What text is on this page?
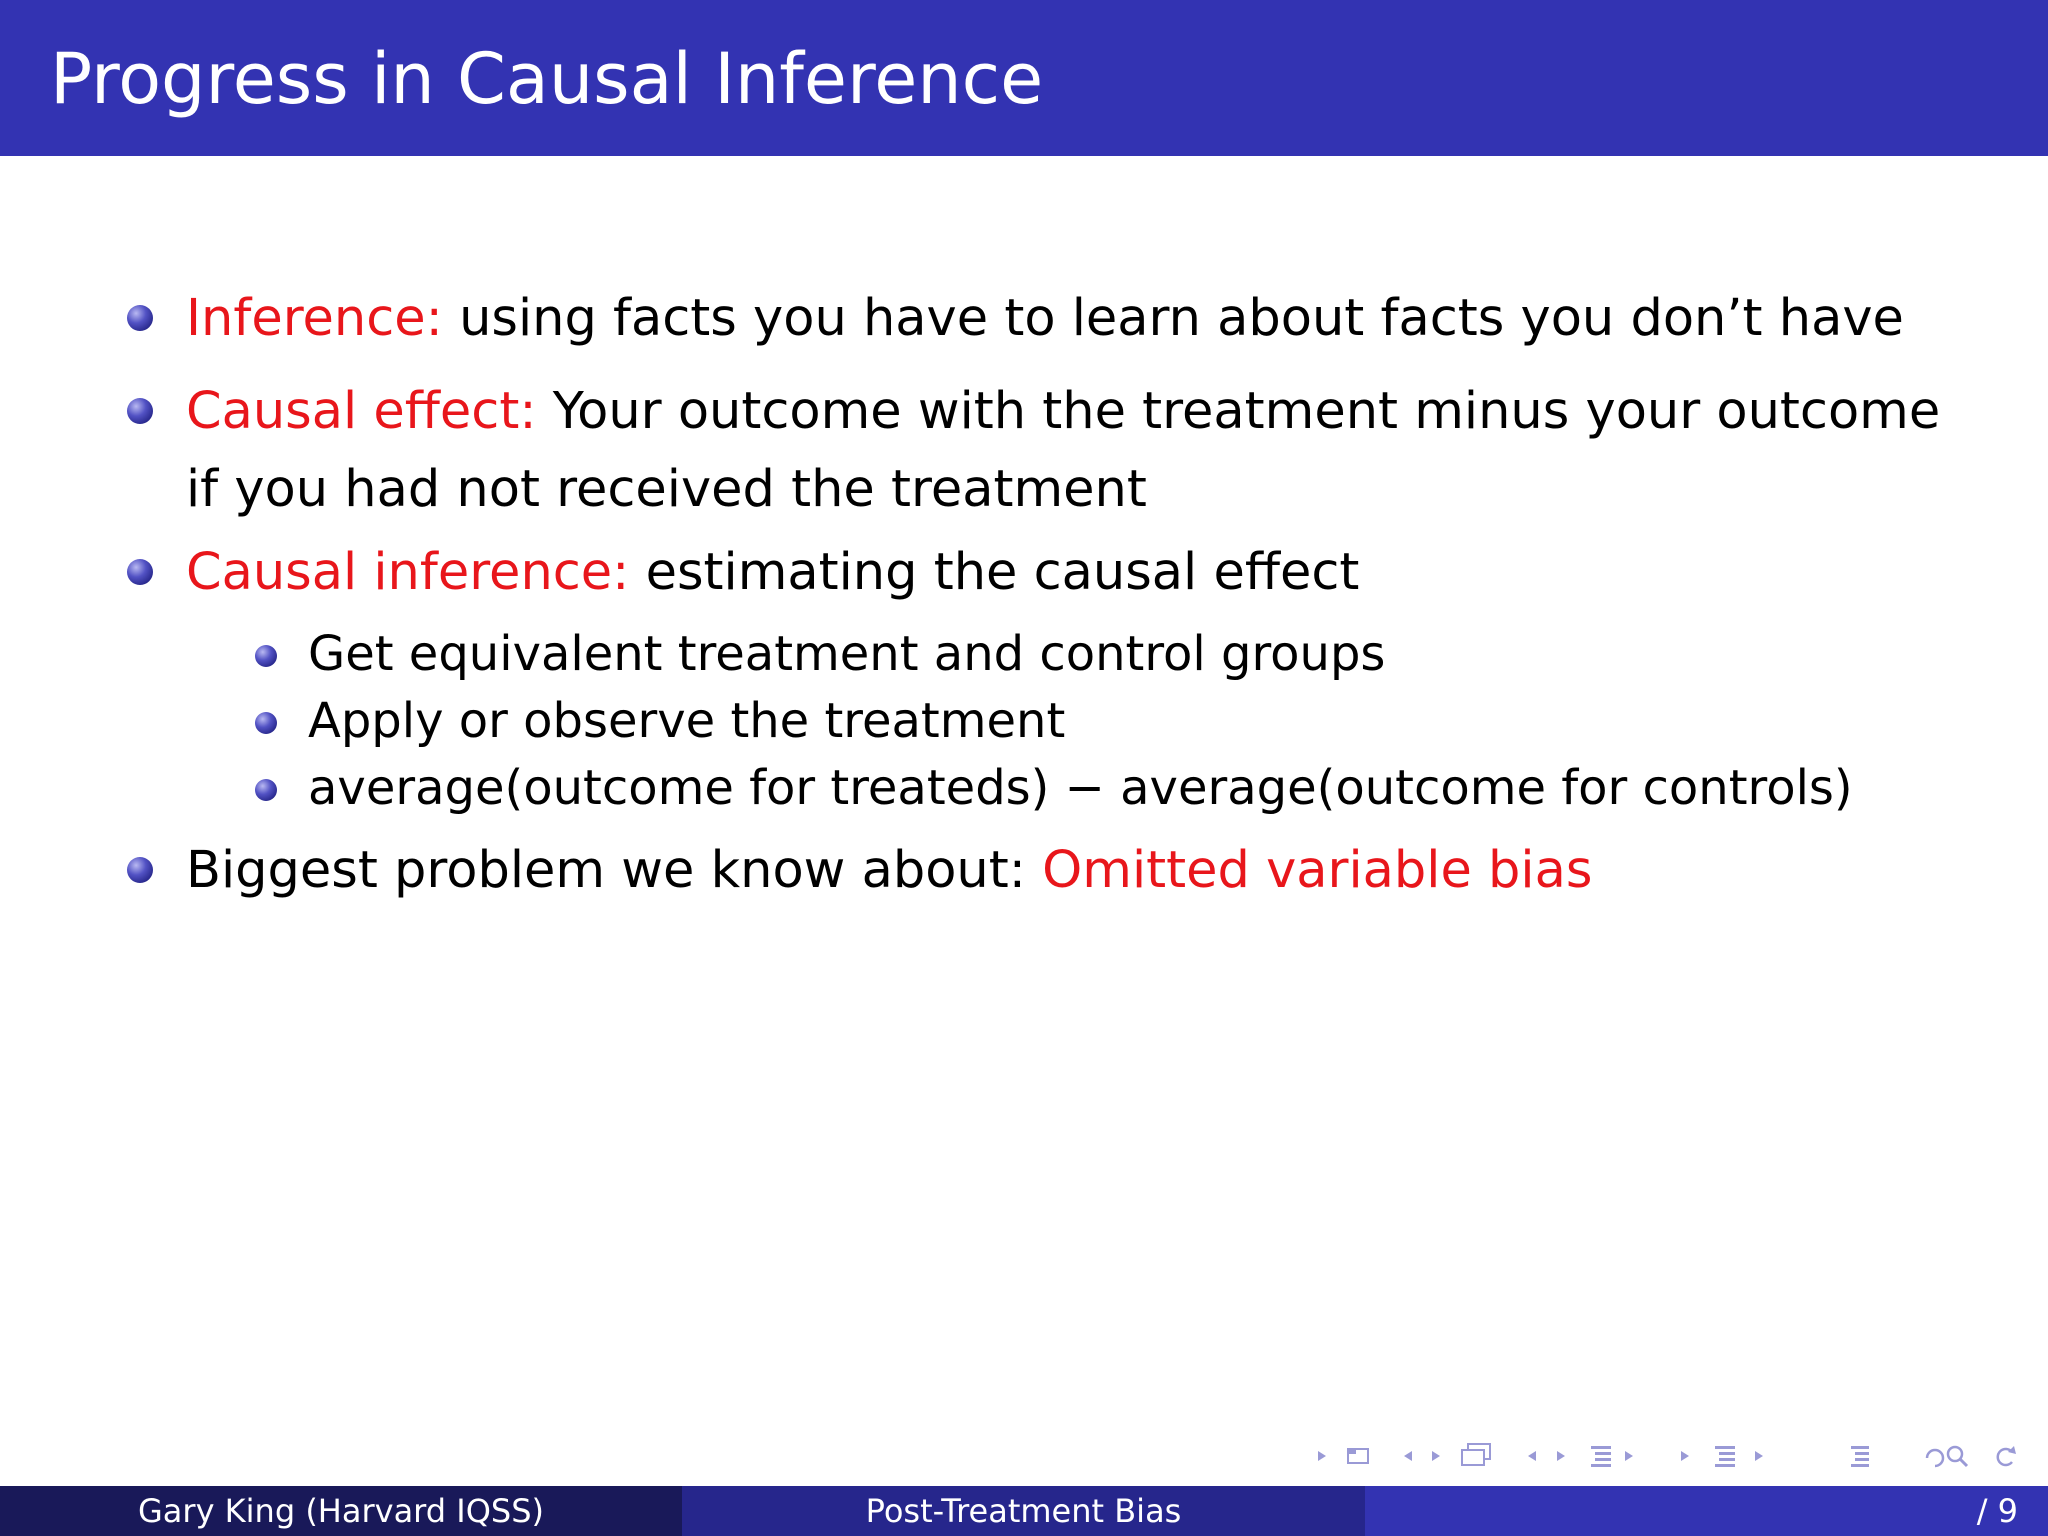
Progress in Causal Inference
Inference: using facts you have to learn about facts you don’t have
Causal effect: Your outcome with the treatment minus your outcome
if you had not received the treatment
Causal inference: estimating the causal effect
Get equivalent treatment and control groups
Apply or observe the treatment
average(outcome for treateds) − average(outcome for controls)
Biggest problem we know about: Omitted variable bias

Gary King (Harvard IQSS)	Post-Treatment Bias	/ 9
